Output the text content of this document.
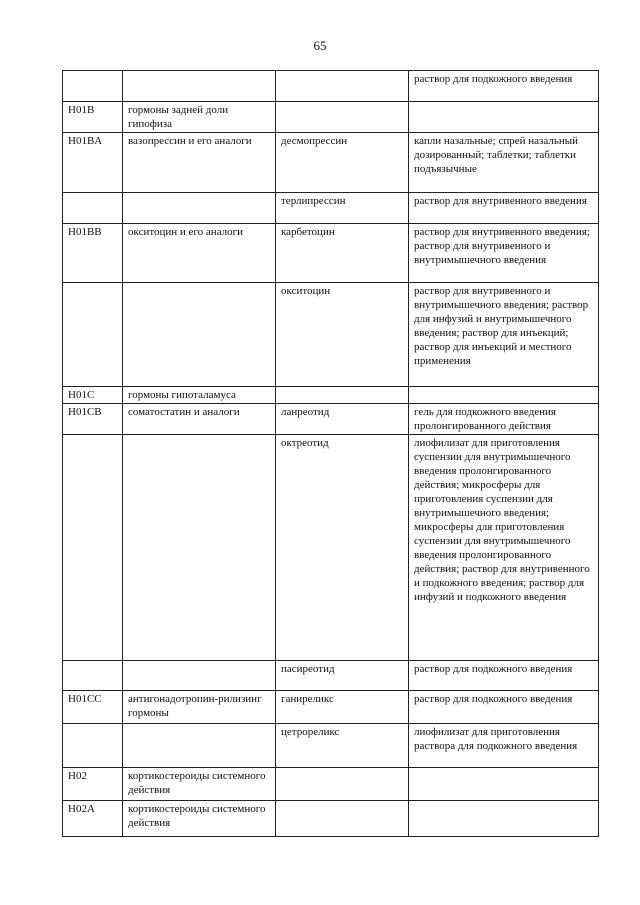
65
			раствор для подкожного введения
H01B	гормоны задней доли гипофиза		
H01BA	вазопрессин и его аналоги	десмопрессин	капли назальные; спрей назальный дозированный; таблетки; таблетки подъязычные
		терлипрессин	раствор для внутривенного введения
H01BB	окситоцин и его аналоги	карбетоцин	раствор для внутривенного введения; раствор для внутривенного и внутримышечного введения
		окситоцин	раствор для внутривенного и внутримышечного введения; раствор для инфузий и внутримышечного введения; раствор для инъекций; раствор для инъекций и местного применения
H01C	гормоны гипоталамуса		
H01CB	соматостатин и аналоги	ланреотид	гель для подкожного введения пролонгированного действия
		октреотид	лиофилизат для приготовления суспензии для внутримышечного введения пролонгированного действия; микросферы для приготовления суспензии для внутримышечного введения; микросферы для приготовления суспензии для внутримышечного введения пролонгированного действия; раствор для внутривенного и подкожного введения; раствор для инфузий и подкожного введения
		пасиреотид	раствор для подкожного введения
H01CC	антигонадотропин-рилизинг гормоны	ганиреликс	раствор для подкожного введения
		цетрореликс	лиофилизат для приготовления раствора для подкожного введения
H02	кортикостероиды системного действия		
H02A	кортикостероиды системного действия		
